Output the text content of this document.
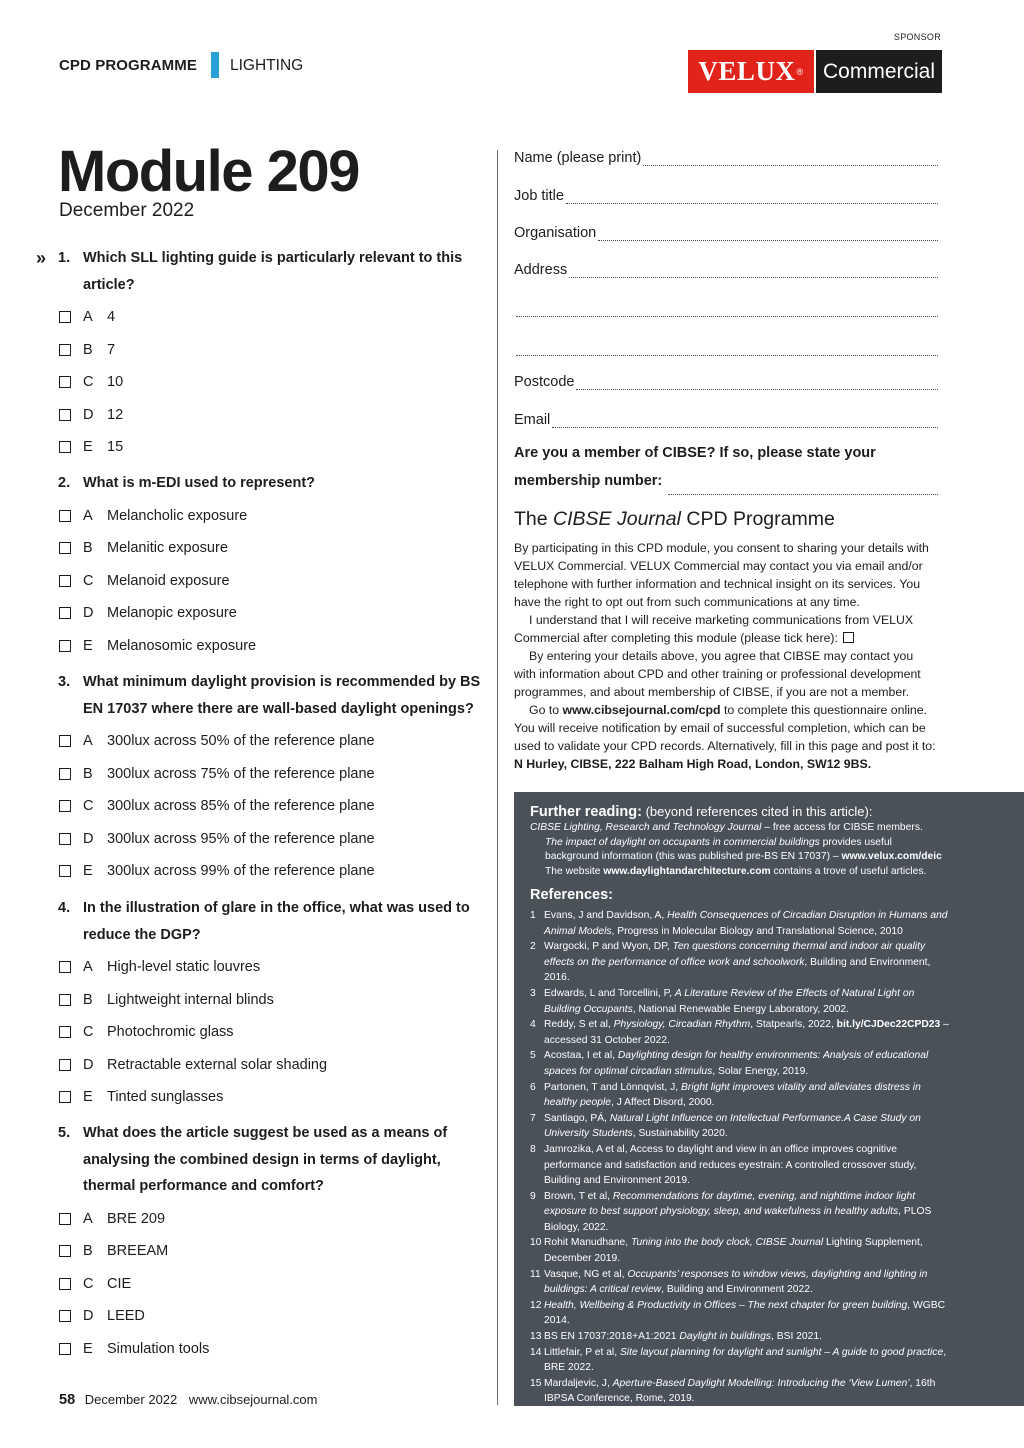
CPD PROGRAMME LIGHTING
SPONSOR
VELUX ® Commercial
Module 209
December 2022
» 1. Which SLL lighting guide is particularly relevant to this article?
A 4
B 7
C 10
D 12
E 15
2. What is m-EDI used to represent?
A Melancholic exposure
B Melanitic exposure
C Melanoid exposure
D Melanopic exposure
E Melanosomic exposure
3. What minimum daylight provision is recommended by BS EN 17037 where there are wall-based daylight openings?
A 300lux across 50% of the reference plane
B 300lux across 75% of the reference plane
C 300lux across 85% of the reference plane
D 300lux across 95% of the reference plane
E 300lux across 99% of the reference plane
4. In the illustration of glare in the office, what was used to reduce the DGP?
A High-level static louvres
B Lightweight internal blinds
C Photochromic glass
D Retractable external solar shading
E Tinted sunglasses
5. What does the article suggest be used as a means of analysing the combined design in terms of daylight, thermal performance and comfort?
A BRE 209
B BREEAM
C CIE
D LEED
E Simulation tools
Name (please print)
Job title
Organisation
Address
Postcode
Email
Are you a member of CIBSE? If so, please state your
membership number:
The CIBSE Journal CPD Programme

By participating in this CPD module, you consent to sharing your details with VELUX Commercial. VELUX Commercial may contact you via email and/or telephone with further information and technical insight on its services. You have the right to opt out from such communications at any time.

I understand that I will receive marketing communications from VELUX Commercial after completing this module (please tick here):

By entering your details above, you agree that CIBSE may contact you with information about CPD and other training or professional development programmes, and about membership of CIBSE, if you are not a member.

Go to www.cibsejournal.com/cpd to complete this questionnaire online. You will receive notification by email of successful completion, which can be used to validate your CPD records. Alternatively, fill in this page and post it to: N Hurley, CIBSE, 222 Balham High Road, London, SW12 9BS.

Further reading: (beyond references cited in this article):
CIBSE Lighting, Research and Technology Journal – free access for CIBSE members.
The impact of daylight on occupants in commercial buildings provides useful background information (this was published pre-BS EN 17037) – www.velux.com/deic
The website www.daylightandarchitecture.com contains a trove of useful articles.
References:
1 Evans, J and Davidson, A, Health Consequences of Circadian Disruption in Humans and Animal Models, Progress in Molecular Biology and Translational Science, 2010
2 Wargocki, P and Wyon, DP, Ten questions concerning thermal and indoor air quality effects on the performance of office work and schoolwork, Building and Environment, 2016.
3 Edwards, L and Torcellini, P, A Literature Review of the Effects of Natural Light on Building Occupants, National Renewable Energy Laboratory, 2002.
4 Reddy, S et al, Physiology, Circadian Rhythm, Statpearls, 2022, bit.ly/CJDec22CPD23 – accessed 31 October 2022.
5 Acostaa, I et al, Daylighting design for healthy environments: Analysis of educational spaces for optimal circadian stimulus, Solar Energy, 2019.
6 Partonen, T and Lönnqvist, J, Bright light improves vitality and alleviates distress in healthy people, J Affect Disord, 2000.
7 Santiago, PÁ, Natural Light Influence on Intellectual Performance.A Case Study on University Students, Sustainability 2020.
8 Jamrozika, A et al, Access to daylight and view in an office improves cognitive performance and satisfaction and reduces eyestrain: A controlled crossover study, Building and Environment 2019.
9 Brown, T et al, Recommendations for daytime, evening, and nighttime indoor light exposure to best support physiology, sleep, and wakefulness in healthy adults, PLOS Biology, 2022.
10 Rohit Manudhane, Tuning into the body clock, CIBSE Journal Lighting Supplement, December 2019.
11 Vasque, NG et al, Occupants’ responses to window views, daylighting and lighting in buildings: A critical review, Building and Environment 2022.
12 Health, Wellbeing & Productivity in Offices – The next chapter for green building, WGBC 2014.
13 BS EN 17037:2018+A1:2021 Daylight in buildings, BSI 2021.
14 Littlefair, P et al, Site layout planning for daylight and sunlight – A guide to good practice, BRE 2022.
15 Mardaljevic, J, Aperture-Based Daylight Modelling: Introducing the ‘View Lumen’, 16th IBPSA Conference, Rome, 2019.
16 RADSITE, www.radiance-online.org/
58 December 2022 www.cibsejournal.com
